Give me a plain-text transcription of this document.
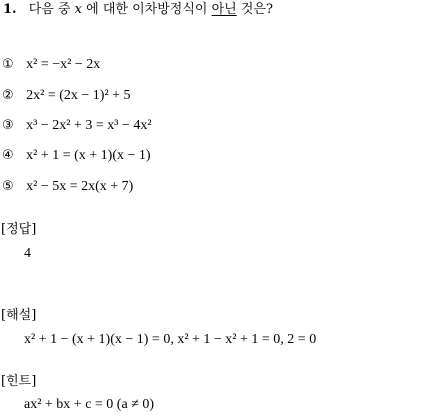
1. 다음 중 x 에 대한 이차방정식이 아닌 것은?
① x² = −x² − 2x
② 2x² = (2x − 1)² + 5
③ x³ − 2x² + 3 = x³ − 4x²
④ x² + 1 = (x + 1)(x − 1)
⑤ x² − 5x = 2x(x + 7)
[정답]
4
[해설]
x² + 1 − (x + 1)(x − 1) = 0, x² + 1 − x² + 1 = 0, 2 = 0
[힌트]
ax² + bx + c = 0 (a ≠ 0)
